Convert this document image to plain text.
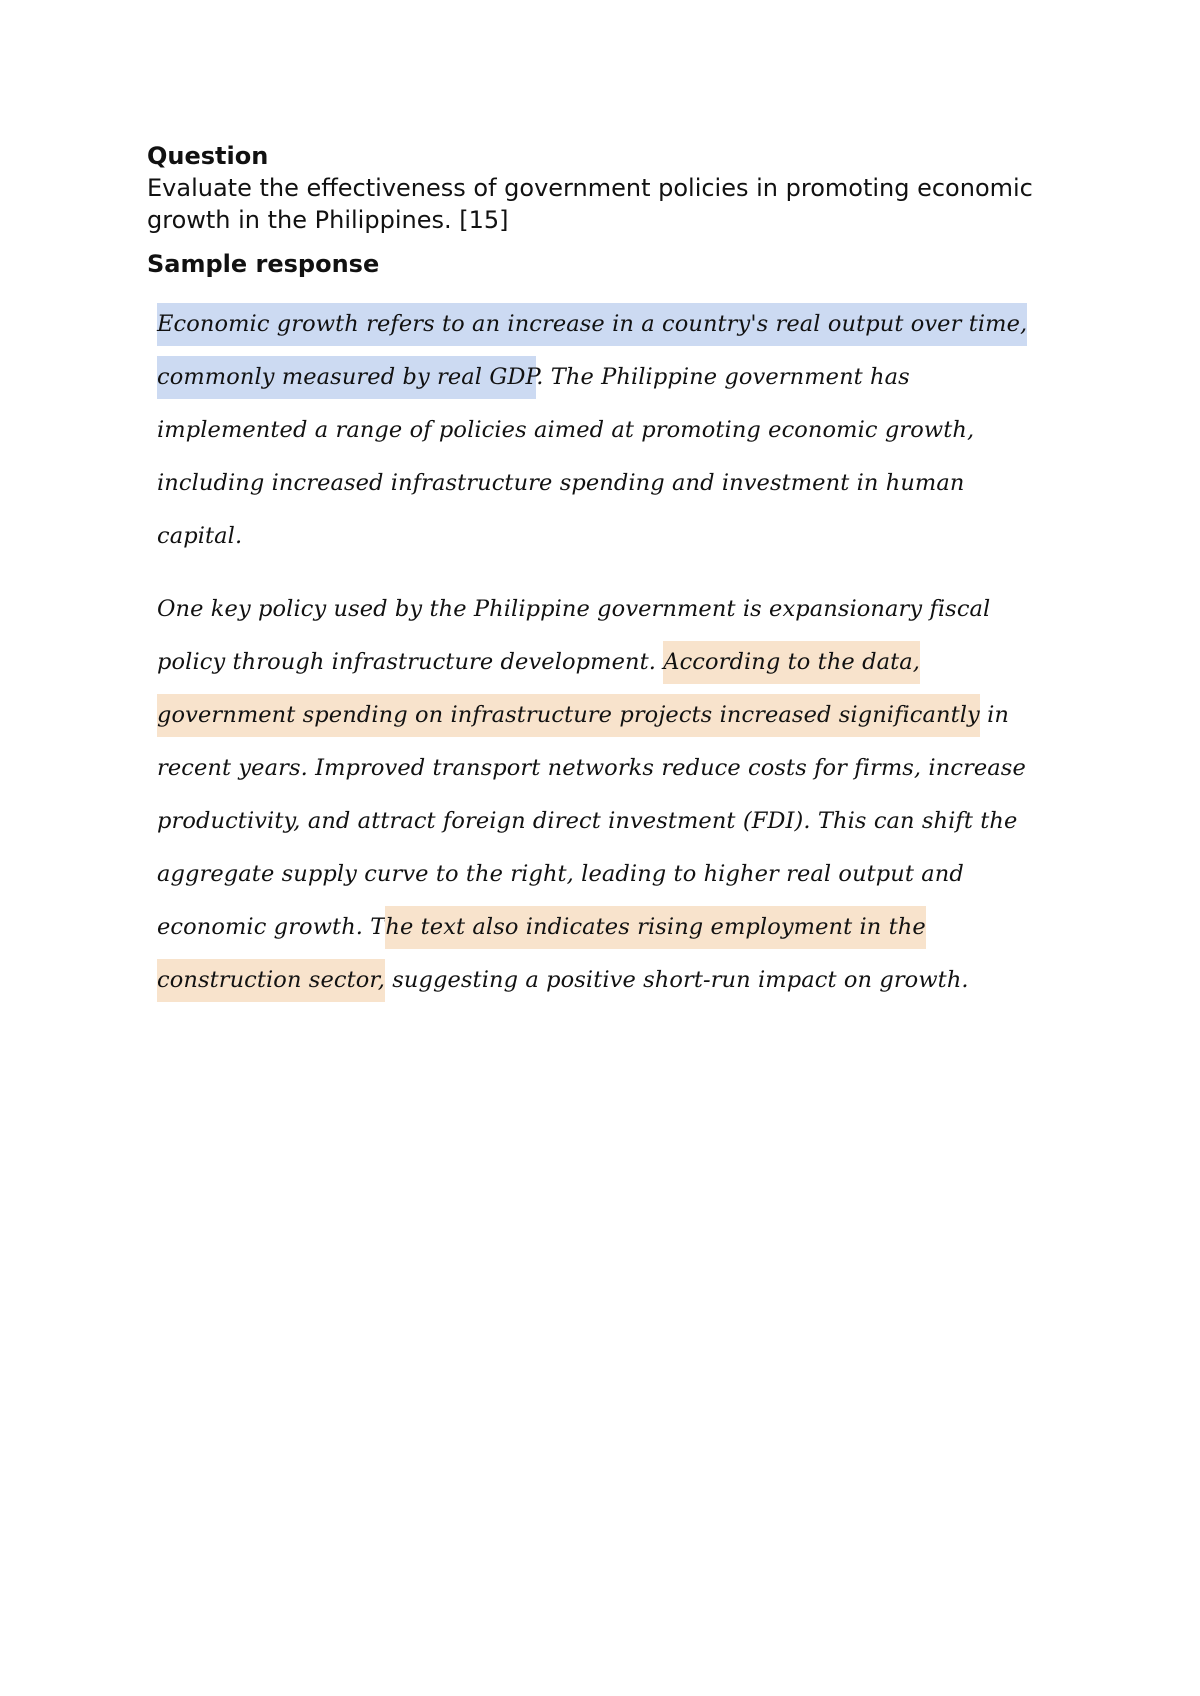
Question

Evaluate the effectiveness of government policies in promoting economic growth in the Philippines. [15]

Sample response

Economic growth refers to an increase in a country's real output over time, commonly measured by real GDP. The Philippine government has implemented a range of policies aimed at promoting economic growth, including increased infrastructure spending and investment in human capital.

One key policy used by the Philippine government is expansionary fiscal policy through infrastructure development. According to the data, government spending on infrastructure projects increased significantly in recent years. Improved transport networks reduce costs for firms, increase productivity, and attract foreign direct investment (FDI). This can shift the aggregate supply curve to the right, leading to higher real output and economic growth. The text also indicates rising employment in the construction sector, suggesting a positive short-run impact on growth.
